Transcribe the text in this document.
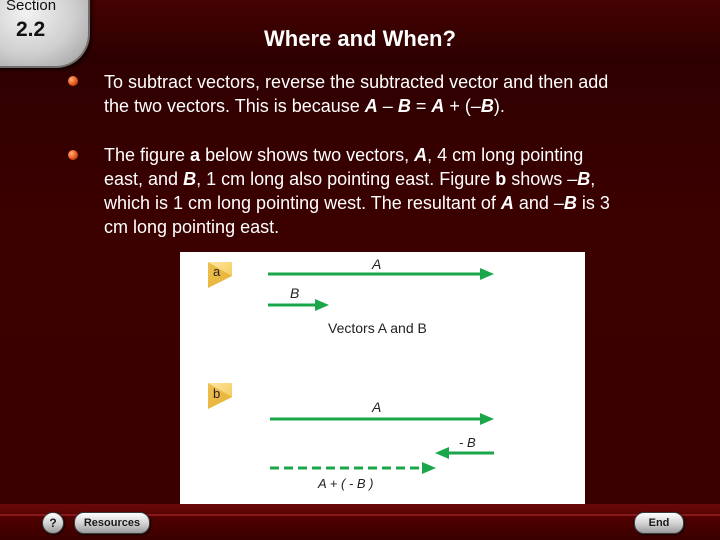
Section
2.2	Where and When?
To subtract vectors, reverse the subtracted vector and then add
the two vectors. This is because A – B = A + (–B).
The figure a below shows two vectors, A, 4 cm long pointing
east, and B, 1 cm long also pointing east. Figure b shows –B,
which is 1 cm long pointing west. The resultant of A and –B is 3
cm long pointing east.
a	A
B
Vectors A and B
b
A
- B
A + ( - B )
?	Resources	End
